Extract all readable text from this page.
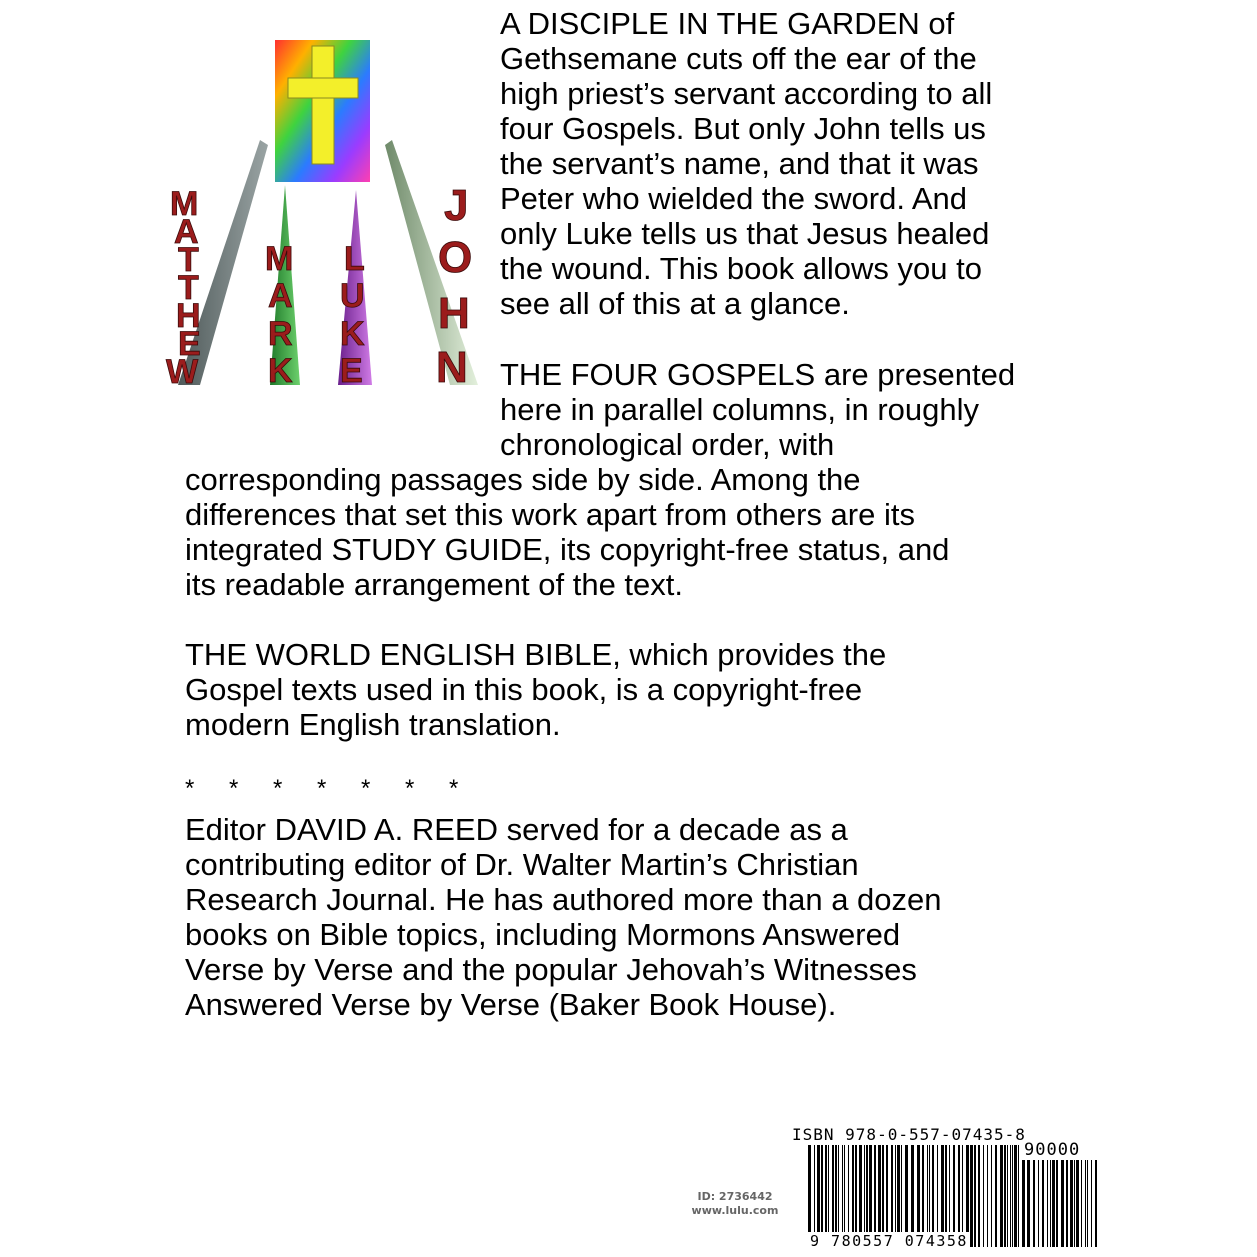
M
A
T
T
H
E
W
M
A
R
K
L
U
K
E
J
O
H
N
A DISCIPLE IN THE GARDEN of
Gethsemane cuts off the ear of the
high priest’s servant according to all
four Gospels. But only John tells us
the servant’s name, and that it was
Peter who wielded the sword. And
only Luke tells us that Jesus healed
the wound. This book allows you to
see all of this at a glance.
THE FOUR GOSPELS are presented
here in parallel columns, in roughly
chronological order, with
corresponding passages side by side. Among the
differences that set this work apart from others are its
integrated STUDY GUIDE, its copyright-free status, and
its readable arrangement of the text.
THE WORLD ENGLISH BIBLE, which provides the
Gospel texts used in this book, is a copyright-free
modern English translation.
* * * * * * *
Editor DAVID A. REED served for a decade as a
contributing editor of Dr. Walter Martin’s Christian
Research Journal. He has authored more than a dozen
books on Bible topics, including Mormons Answered
Verse by Verse and the popular Jehovah’s Witnesses
Answered Verse by Verse (Baker Book House).
ID: 2736442
www.lulu.com
ISBN 978-0-557-07435-8
90000
9 780557 074358
